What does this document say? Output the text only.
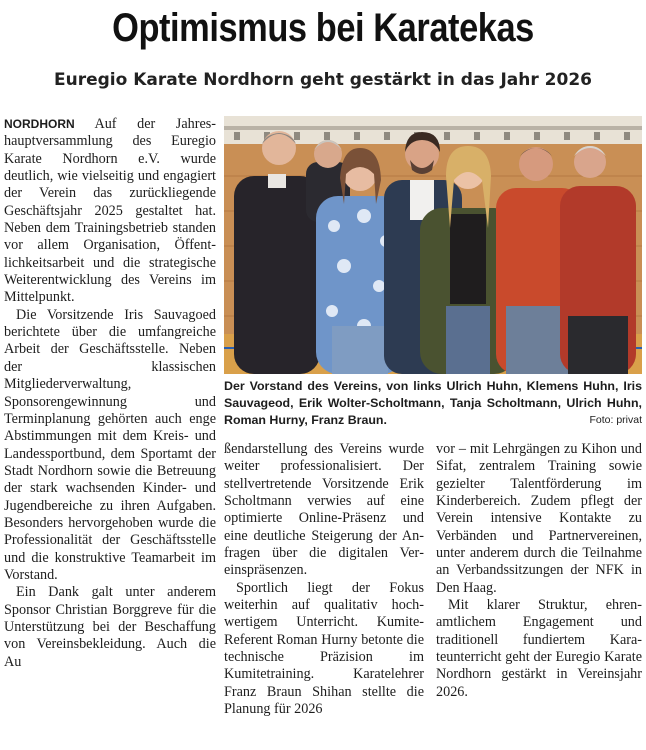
Optimismus bei Karatekas
Euregio Karate Nordhorn geht gestärkt in das Jahr 2026

NORDHORN Auf der Jahreshauptversammlung des Euregio Karate Nordhorn e.V. wurde deutlich, wie vielseitig und engagiert der Verein das zurückliegende Geschäftsjahr 2025 gestaltet hat. Neben dem Trainingsbetrieb standen vor allem Organisation, Öffentlichkeitsarbeit und die strategische Weiterentwicklung des Vereins im Mittelpunkt.

Die Vorsitzende Iris Sauvagoed berichtete über die umfangreiche Arbeit der Geschäftsstelle. Neben der klassischen Mitgliederverwaltung, Sponsorengewinnung und Terminplanung gehörten auch enge Abstimmungen mit dem Kreis- und Landessportbund, dem Sportamt der Stadt Nordhorn sowie die Betreuung der stark wachsenden Kinder- und Jugendbereiche zu ihren Aufgaben. Besonders hervorgehoben wurde die Professionalität der Geschäftsstelle und die konstruktive Teamarbeit im Vorstand.

Ein Dank galt unter anderem Sponsor Christian Borggreve für die Unterstützung bei der Beschaffung von Vereinsbekleidung. Auch die Au

Der Vorstand des Vereins, von links Ulrich Huhn, Klemens Huhn, Iris Sauvageod, Erik Wolter-Scholtmann, Tanja Scholtmann, Ulrich Huhn, Roman Hurny, Franz Braun.	Foto: privat

ßendarstellung des Vereins wurde weiter professionalisiert. Der stellvertretende Vorsitzende Erik Scholtmann verwies auf eine optimierte Online-Präsenz und eine deutliche Steigerung der Anfragen über die digitalen Vereinspräsenzen.

Sportlich liegt der Fokus weiterhin auf qualitativ hochwertigem Unterricht. Kumite-Referent Roman Hurny betonte die technische Präzision im Kumitetraining. Karatelehrer Franz Braun Shihan stellte die Planung für 2026

vor – mit Lehrgängen zu Kihon und Sifat, zentralem Training sowie gezielter Talentförderung im Kinderbereich. Zudem pflegt der Verein intensive Kontakte zu Verbänden und Partnervereinen, unter anderem durch die Teilnahme an Verbandssitzungen der NFK in Den Haag.

Mit klarer Struktur, ehrenamtlichem Engagement und traditionell fundiertem Karateunterricht geht der Euregio Karate Nordhorn gestärkt in Vereinsjahr 2026.
